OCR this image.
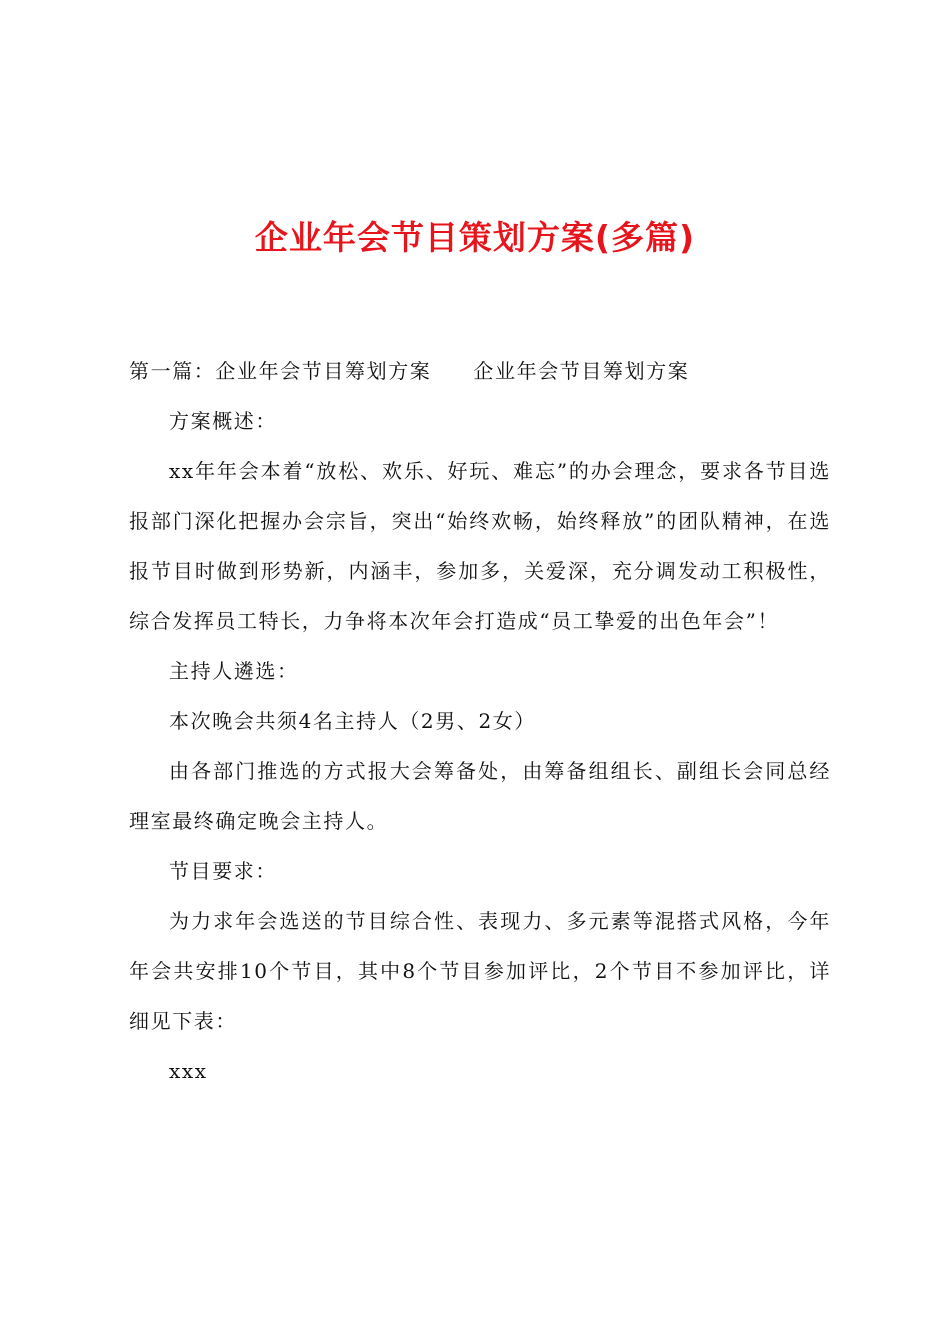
企业年会节目策划方案(多篇)

第一篇：企业年会节目筹划方案 企业年会节目筹划方案

方案概述：

xx年年会本着“放松、欢乐、好玩、难忘”的办会理念，要求各节目选报部门深化把握办会宗旨，突出“始终欢畅，始终释放”的团队精神，在选报节目时做到形势新，内涵丰，参加多，关爱深，充分调发动工积极性，综合发挥员工特长，力争将本次年会打造成“员工挚爱的出色年会”！

主持人遴选：

本次晚会共须4名主持人（2男、2女）

由各部门推选的方式报大会筹备处，由筹备组组长、副组长会同总经理室最终确定晚会主持人。

节目要求：

为力求年会选送的节目综合性、表现力、多元素等混搭式风格，今年年会共安排10个节目，其中8个节目参加评比，2个节目不参加评比，详细见下表：

xxx
